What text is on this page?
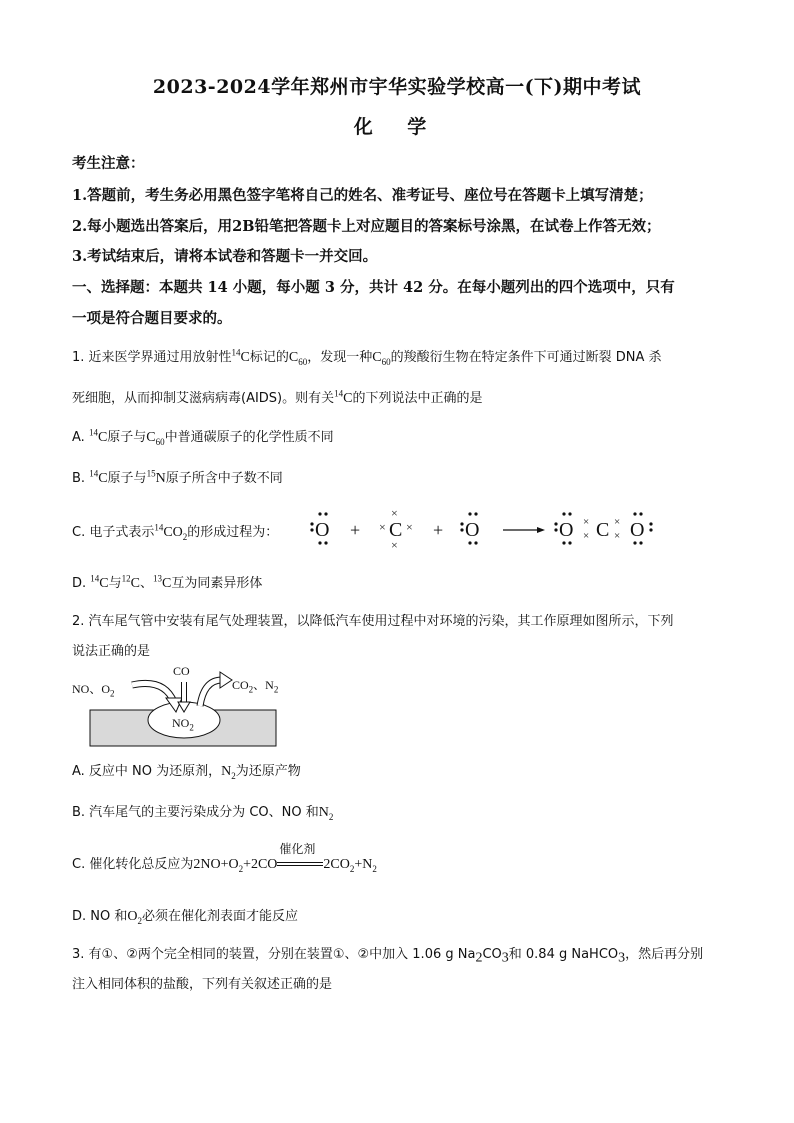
2023-2024学年郑州市宇华实验学校高一(下)期中考试
化 学
考生注意：
1.答题前，考生务必用黑色签字笔将自己的姓名、准考证号、座位号在答题卡上填写清楚；
2.每小题选出答案后，用2B铅笔把答题卡上对应题目的答案标号涂黑，在试卷上作答无效；
3.考试结束后，请将本试卷和答题卡一并交回。
一、选择题：本题共 14 小题，每小题 3 分，共计 42 分。在每小题列出的四个选项中，只有
一项是符合题目要求的。
1. 近来医学界通过用放射性$^{14}$C标记的$C_{60}$，发现一种$C_{60}$的羧酸衍生物在特定条件下可通过断裂 DNA 杀
死细胞，从而抑制艾滋病病毒(AIDS)。则有关$^{14}$C的下列说法中正确的是
A. $^{14}$C原子与$C_{60}$中普通碳原子的化学性质不同
B. $^{14}$C原子与$^{15}$N原子所含中子数不同
C. 电子式表示$^{14}CO_2$的形成过程为： O + ×
×
×
C × + O	O ×
× C ×
× O
D. $^{14}$C与$^{12}$C、$^{13}$C互为同素异形体
2. 汽车尾气管中安装有尾气处理装置，以降低汽车使用过程中对环境的污染，其工作原理如图所示，下列
说法正确的是
NO、$O_2$
CO
$CO_2$、$N_2$
$NO_2$
A. 反应中 NO 为还原剂，$N_2$为还原产物
B. 汽车尾气的主要污染成分为 CO、NO 和$N_2$
C. 催化转化总反应为$2NO+O_2+2CO$
催化剂
$2CO_2+N_2$
D. NO 和$O_2$必须在催化剂表面才能反应
3. 有①、②两个完全相同的装置，分别在装置①、②中加入 1.06 g $Na_2CO_3$和 0.84 g NaHCO$_3$，然后再分别
注入相同体积的盐酸，下列有关叙述正确的是
